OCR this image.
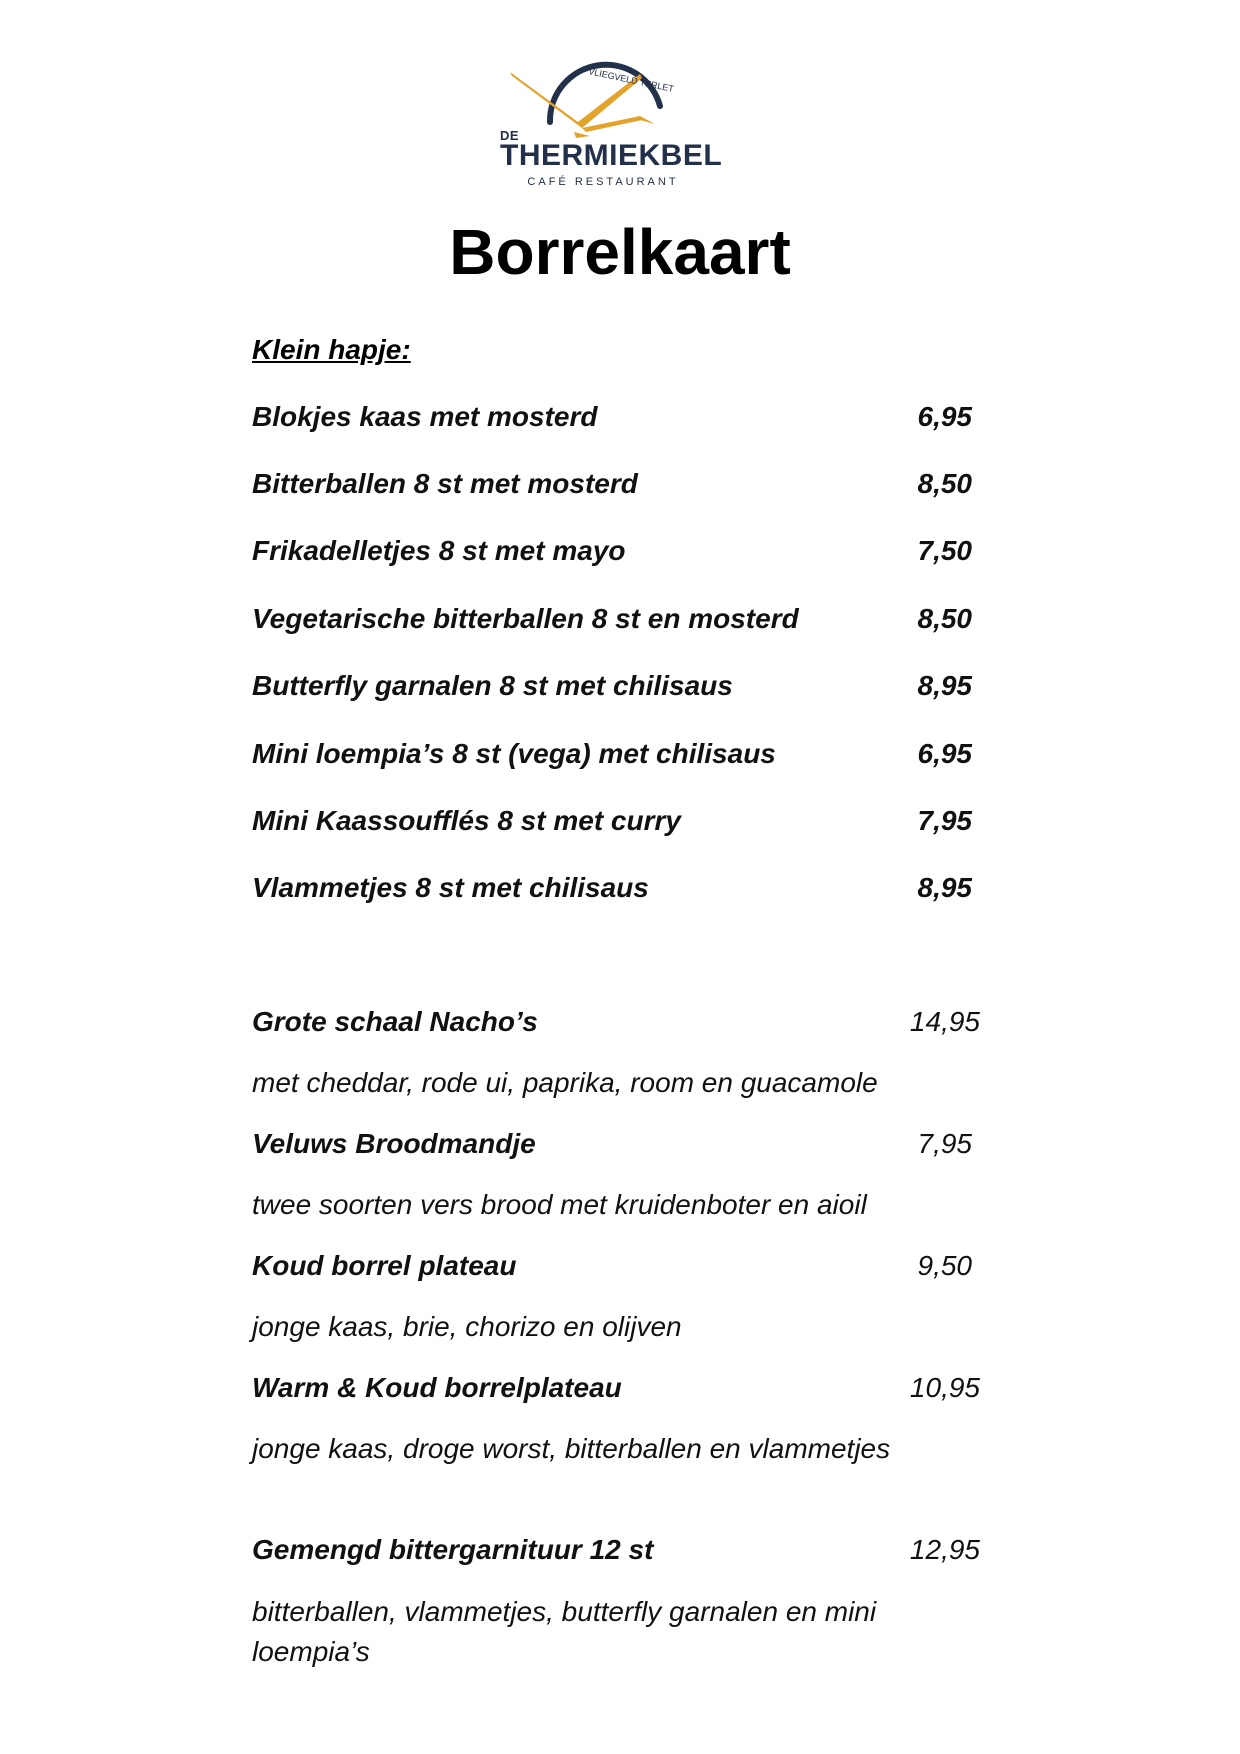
VLIEGVELD TERLET
DE
THERMIEKBEL
CAFÉ RESTAURANT
Borrelkaart
Klein hapje:
Blokjes kaas met mosterd	6,95
Bitterballen 8 st met mosterd	8,50
Frikadelletjes 8 st met mayo	7,50
Vegetarische bitterballen 8 st en mosterd	8,50
Butterfly garnalen 8 st met chilisaus	8,95
Mini loempia’s 8 st (vega) met chilisaus	6,95
Mini Kaassoufflés 8 st met curry	7,95
Vlammetjes 8 st met chilisaus	8,95
Grote schaal Nacho’s	14,95
met cheddar, rode ui, paprika, room en guacamole
Veluws Broodmandje	7,95
twee soorten vers brood met kruidenboter en aioil
Koud borrel plateau	9,50
jonge kaas, brie, chorizo en olijven
Warm & Koud borrelplateau	10,95
jonge kaas, droge worst, bitterballen en vlammetjes
Gemengd bittergarnituur 12 st	12,95
bitterballen, vlammetjes, butterfly garnalen en mini loempia’s
